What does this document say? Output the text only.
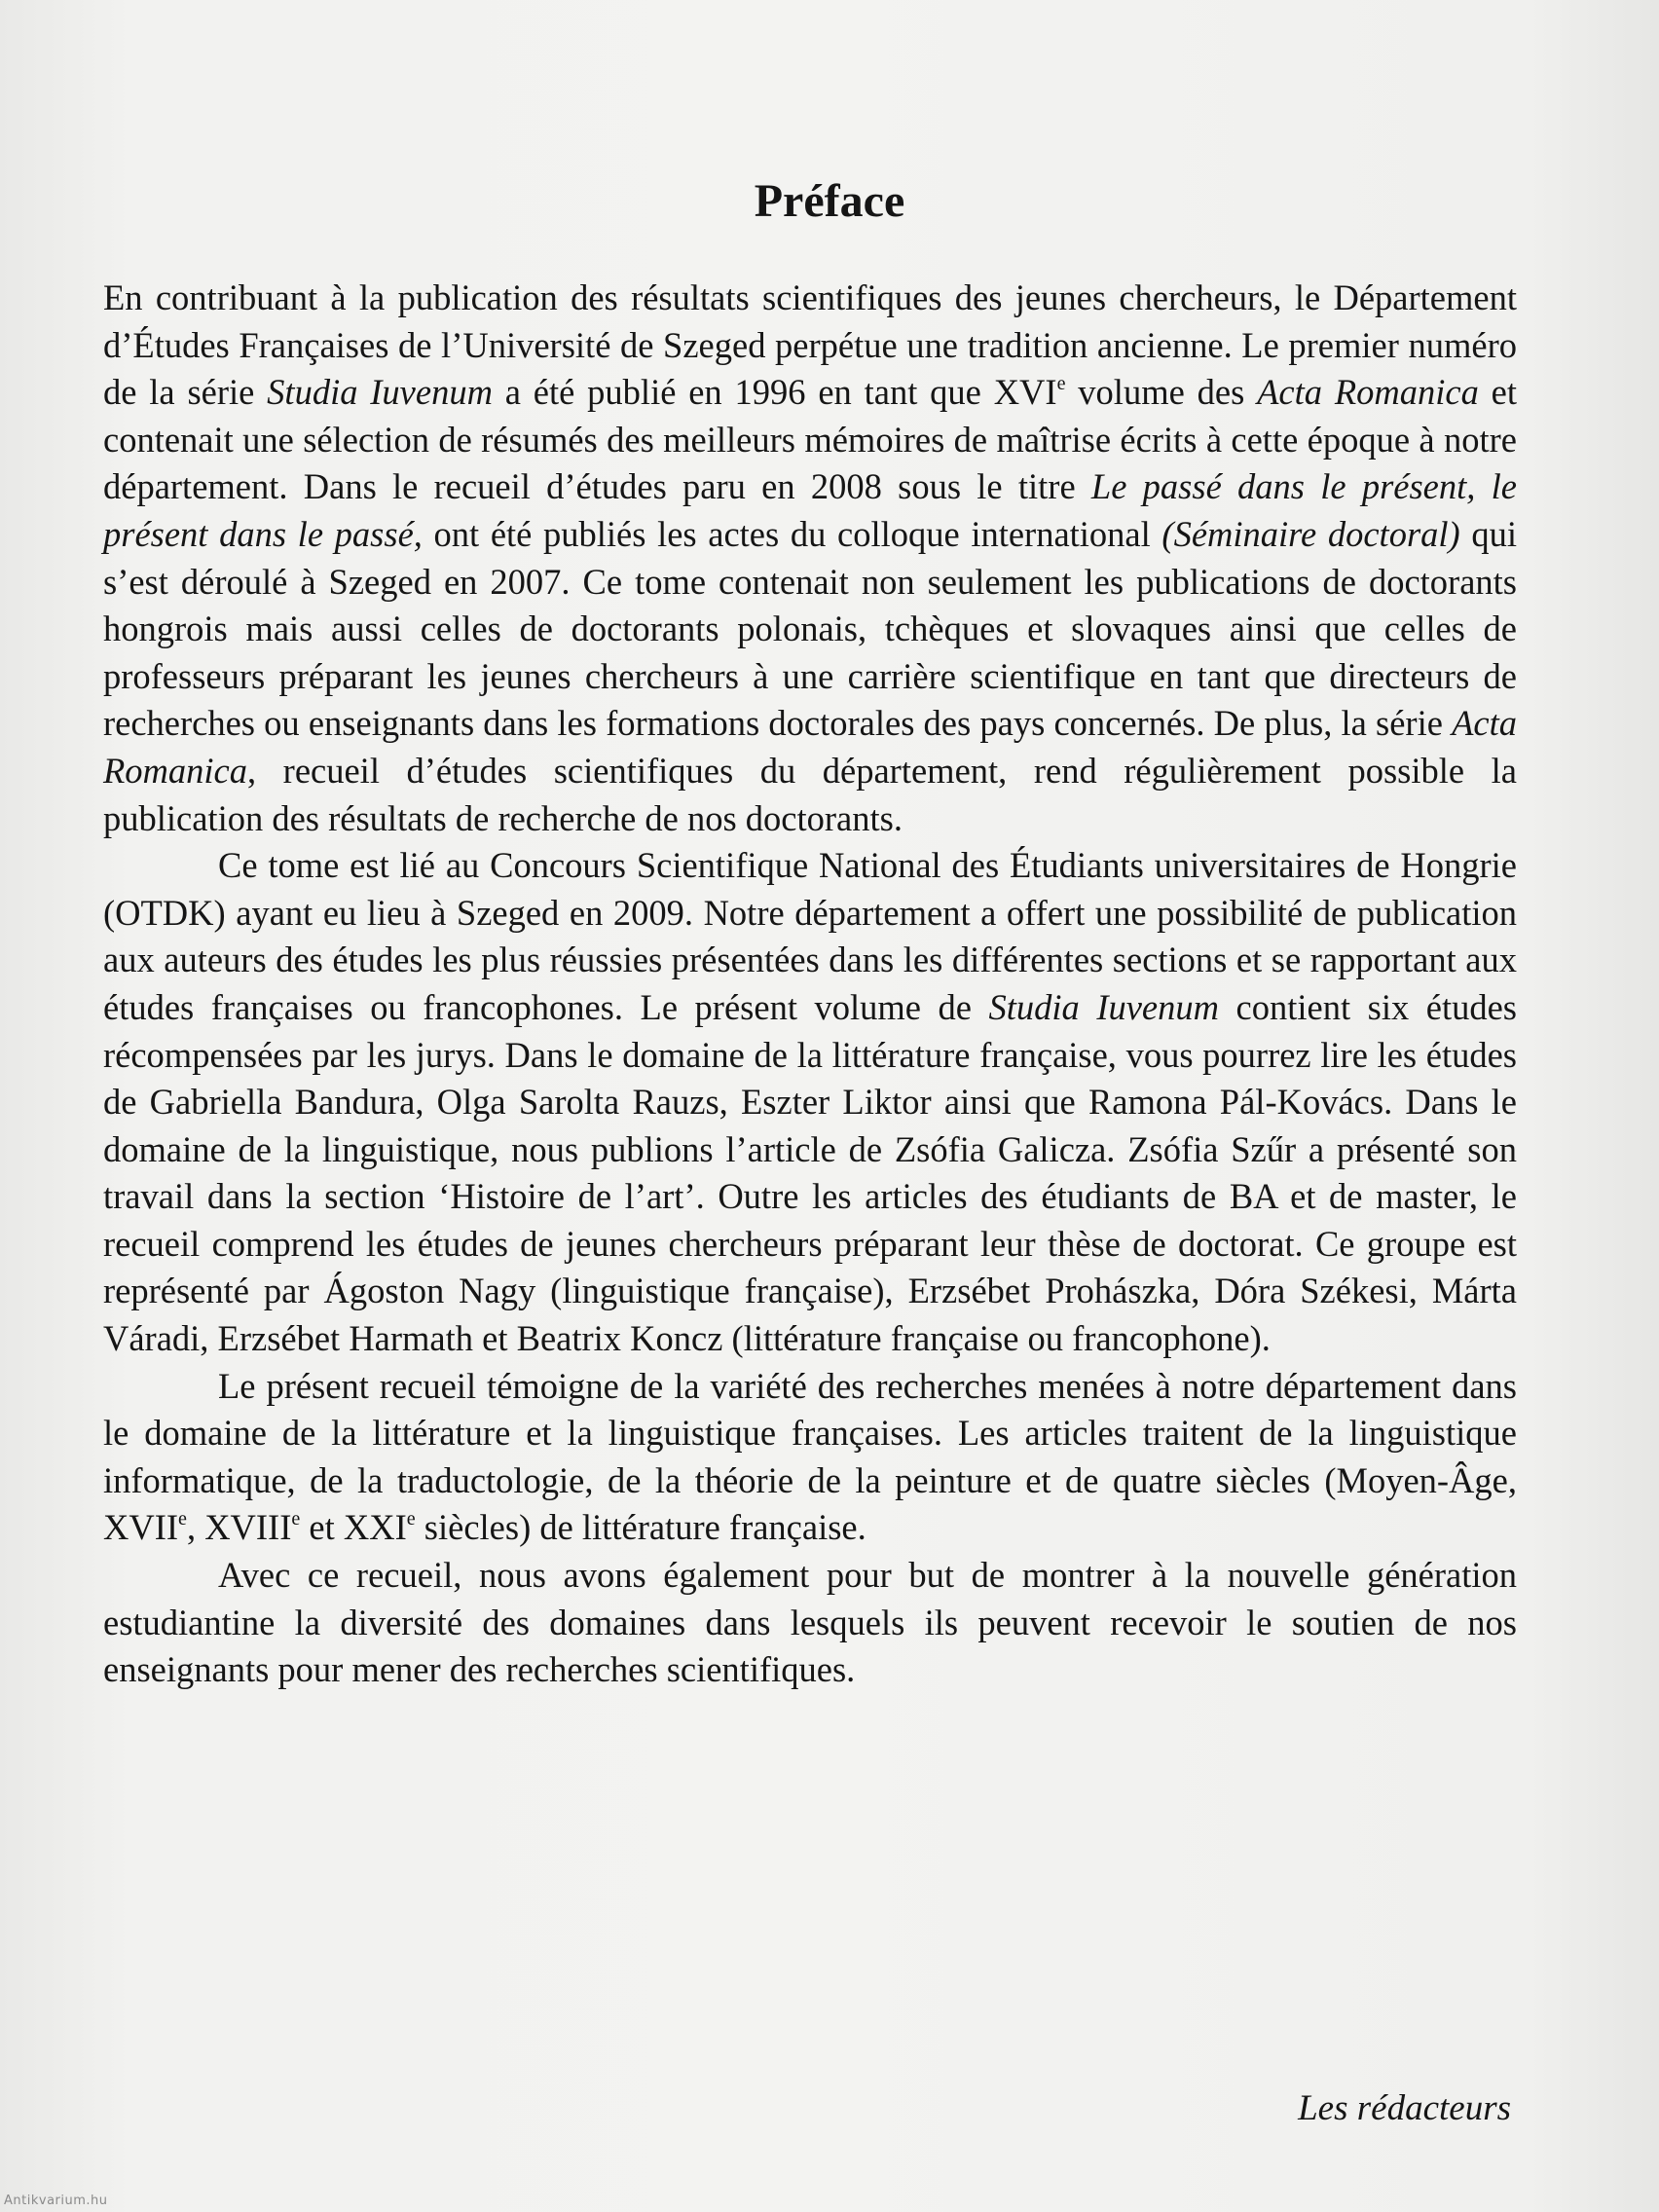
Préface

En contribuant à la publication des résultats scientifiques des jeunes chercheurs, le Département d’Études Françaises de l’Université de Szeged perpétue une tradition ancienne. Le premier numéro de la série Studia Iuvenum a été publié en 1996 en tant que XVIe volume des Acta Romanica et contenait une sélection de résumés des meilleurs mémoires de maîtrise écrits à cette époque à notre département. Dans le recueil d’études paru en 2008 sous le titre Le passé dans le présent, le présent dans le passé, ont été publiés les actes du colloque international (Séminaire doctoral) qui s’est déroulé à Szeged en 2007. Ce tome contenait non seulement les publications de doctorants hongrois mais aussi celles de doctorants polonais, tchèques et slovaques ainsi que celles de professeurs préparant les jeunes chercheurs à une carrière scientifique en tant que directeurs de recherches ou enseignants dans les formations doctorales des pays concernés. De plus, la série Acta Romanica, recueil d’études scientifiques du département, rend régulièrement possible la publication des résultats de recherche de nos doctorants.

Ce tome est lié au Concours Scientifique National des Étudiants universitaires de Hongrie (OTDK) ayant eu lieu à Szeged en 2009. Notre département a offert une possibilité de publication aux auteurs des études les plus réussies présentées dans les différentes sections et se rapportant aux études françaises ou francophones. Le présent volume de Studia Iuvenum contient six études récompensées par les jurys. Dans le domaine de la littérature française, vous pourrez lire les études de Gabriella Bandura, Olga Sarolta Rauzs, Eszter Liktor ainsi que Ramona Pál-Kovács. Dans le domaine de la linguistique, nous publions l’article de Zsófia Galicza. Zsófia Szűr a présenté son travail dans la section ‘Histoire de l’art’. Outre les articles des étudiants de BA et de master, le recueil comprend les études de jeunes chercheurs préparant leur thèse de doctorat. Ce groupe est représenté par Ágoston Nagy (linguistique française), Erzsébet Prohászka, Dóra Székesi, Márta Váradi, Erzsébet Harmath et Beatrix Koncz (littérature française ou francophone).

Le présent recueil témoigne de la variété des recherches menées à notre département dans le domaine de la littérature et la linguistique françaises. Les articles traitent de la linguistique informatique, de la traductologie, de la théorie de la peinture et de quatre siècles (Moyen-Âge, XVIIe, XVIIIe et XXIe siècles) de littérature française.

Avec ce recueil, nous avons également pour but de montrer à la nouvelle génération estudiantine la diversité des domaines dans lesquels ils peuvent recevoir le soutien de nos enseignants pour mener des recherches scientifiques.

Les rédacteurs
Antikvarium.hu
